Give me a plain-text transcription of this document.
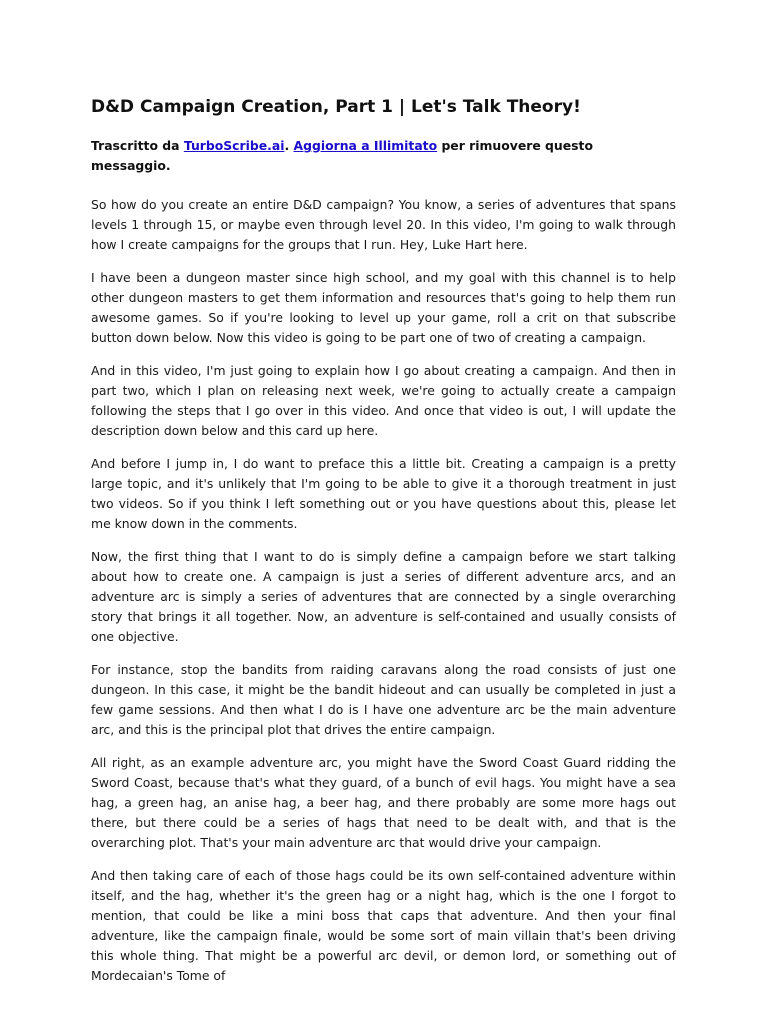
D&D Campaign Creation, Part 1 | Let's Talk Theory!
Trascritto da TurboScribe.ai. Aggiorna a Illimitato per rimuovere questo messaggio.

So how do you create an entire D&D campaign? You know, a series of adventures that spans levels 1 through 15, or maybe even through level 20. In this video, I'm going to walk through how I create campaigns for the groups that I run. Hey, Luke Hart here.

I have been a dungeon master since high school, and my goal with this channel is to help other dungeon masters to get them information and resources that's going to help them run awesome games. So if you're looking to level up your game, roll a crit on that subscribe button down below. Now this video is going to be part one of two of creating a campaign.

And in this video, I'm just going to explain how I go about creating a campaign. And then in part two, which I plan on releasing next week, we're going to actually create a campaign following the steps that I go over in this video. And once that video is out, I will update the description down below and this card up here.

And before I jump in, I do want to preface this a little bit. Creating a campaign is a pretty large topic, and it's unlikely that I'm going to be able to give it a thorough treatment in just two videos. So if you think I left something out or you have questions about this, please let me know down in the comments.

Now, the first thing that I want to do is simply define a campaign before we start talking about how to create one. A campaign is just a series of different adventure arcs, and an adventure arc is simply a series of adventures that are connected by a single overarching story that brings it all together. Now, an adventure is self-contained and usually consists of one objective.

For instance, stop the bandits from raiding caravans along the road consists of just one dungeon. In this case, it might be the bandit hideout and can usually be completed in just a few game sessions. And then what I do is I have one adventure arc be the main adventure arc, and this is the principal plot that drives the entire campaign.

All right, as an example adventure arc, you might have the Sword Coast Guard ridding the Sword Coast, because that's what they guard, of a bunch of evil hags. You might have a sea hag, a green hag, an anise hag, a beer hag, and there probably are some more hags out there, but there could be a series of hags that need to be dealt with, and that is the overarching plot. That's your main adventure arc that would drive your campaign.

And then taking care of each of those hags could be its own self-contained adventure within itself, and the hag, whether it's the green hag or a night hag, which is the one I forgot to mention, that could be like a mini boss that caps that adventure. And then your final adventure, like the campaign finale, would be some sort of main villain that's been driving this whole thing. That might be a powerful arc devil, or demon lord, or something out of Mordecaian's Tome of
